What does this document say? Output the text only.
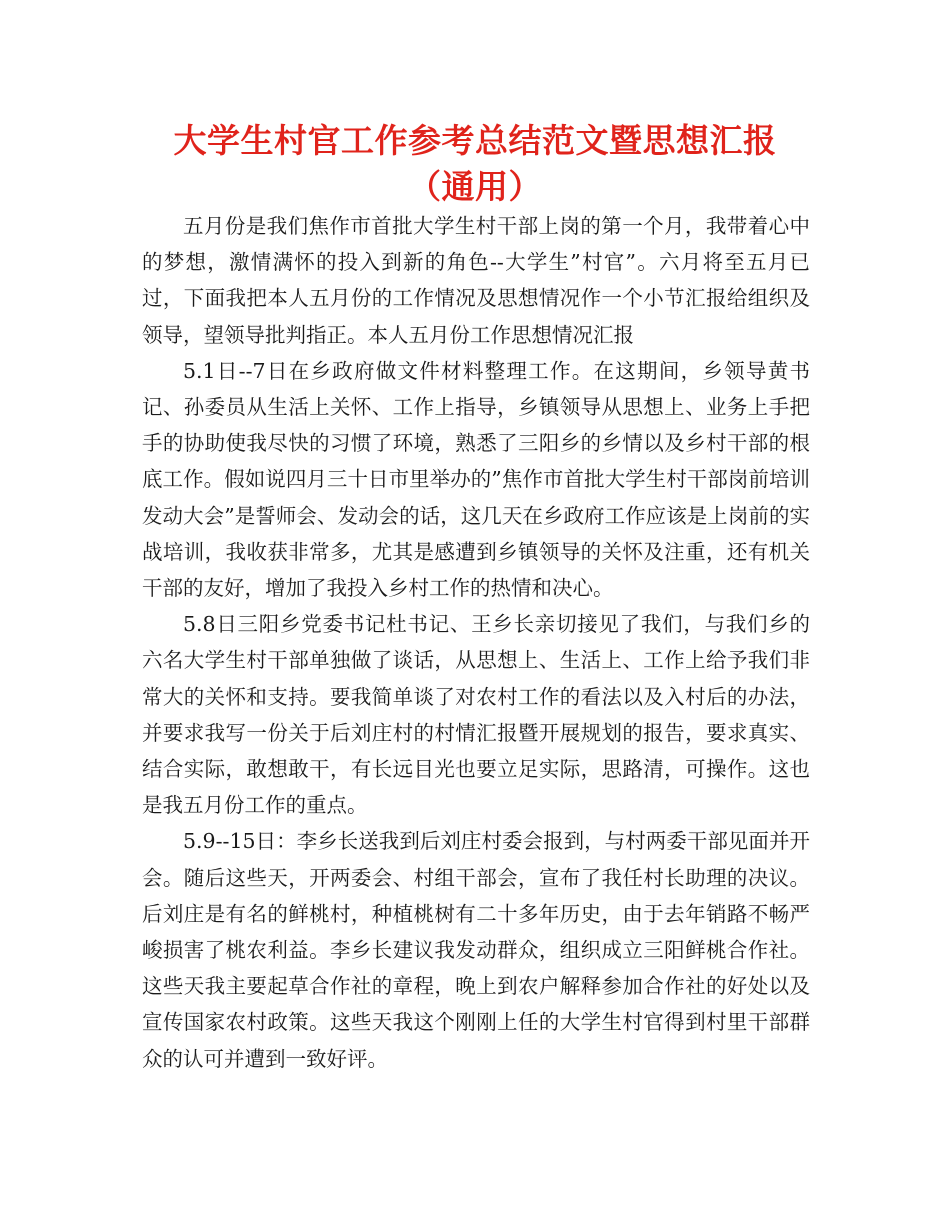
大学生村官工作参考总结范文暨思想汇报（通用）

五月份是我们焦作市首批大学生村干部上岗的第一个月，我带着心中的梦想，激情满怀的投入到新的角色--大学生”村官”。六月将至五月已过，下面我把本人五月份的工作情况及思想情况作一个小节汇报给组织及领导，望领导批判指正。本人五月份工作思想情况汇报

5.1日--7日在乡政府做文件材料整理工作。在这期间，乡领导黄书记、孙委员从生活上关怀、工作上指导，乡镇领导从思想上、业务上手把手的协助使我尽快的习惯了环境，熟悉了三阳乡的乡情以及乡村干部的根底工作。假如说四月三十日市里举办的”焦作市首批大学生村干部岗前培训发动大会”是誓师会、发动会的话，这几天在乡政府工作应该是上岗前的实战培训，我收获非常多，尤其是感遭到乡镇领导的关怀及注重，还有机关干部的友好，增加了我投入乡村工作的热情和决心。

5.8日三阳乡党委书记杜书记、王乡长亲切接见了我们，与我们乡的六名大学生村干部单独做了谈话，从思想上、生活上、工作上给予我们非常大的关怀和支持。要我简单谈了对农村工作的看法以及入村后的办法，并要求我写一份关于后刘庄村的村情汇报暨开展规划的报告，要求真实、结合实际，敢想敢干，有长远目光也要立足实际，思路清，可操作。这也是我五月份工作的重点。

5.9--15日：李乡长送我到后刘庄村委会报到，与村两委干部见面并开会。随后这些天，开两委会、村组干部会，宣布了我任村长助理的决议。后刘庄是有名的鲜桃村，种植桃树有二十多年历史，由于去年销路不畅严峻损害了桃农利益。李乡长建议我发动群众，组织成立三阳鲜桃合作社。这些天我主要起草合作社的章程，晚上到农户解释参加合作社的好处以及宣传国家农村政策。这些天我这个刚刚上任的大学生村官得到村里干部群众的认可并遭到一致好评。
